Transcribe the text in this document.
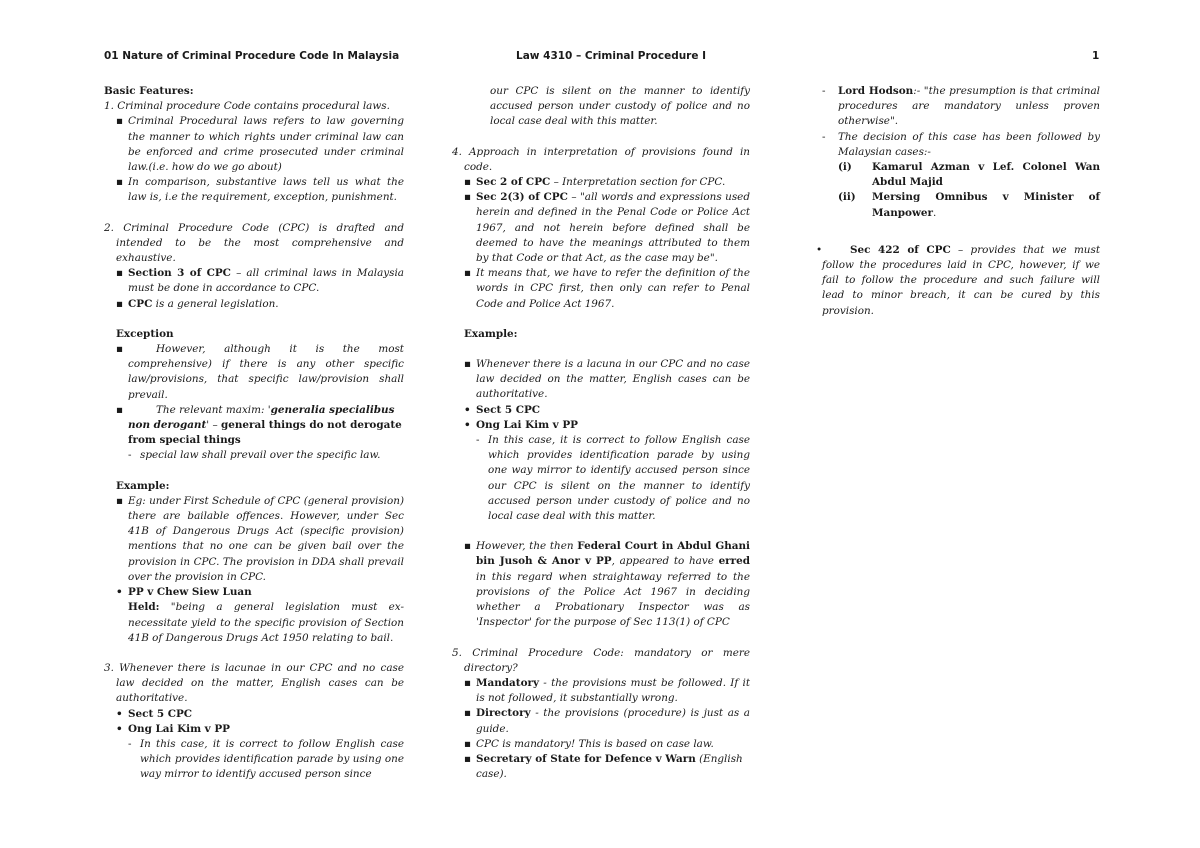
01 Nature of Criminal Procedure Code In Malaysia	Law 4310 – Criminal Procedure I	1
Basic Features:
1. Criminal procedure Code contains procedural laws.
▪ Criminal Procedural laws refers to law governing the manner to which rights under criminal law can be enforced and crime prosecuted under criminal law.(i.e. how do we go about)
▪ In comparison, substantive laws tell us what the law is, i.e the requirement, exception, punishment.
2. Criminal Procedure Code (CPC) is drafted and intended to be the most comprehensive and exhaustive.
▪ Section 3 of CPC – all criminal laws in Malaysia must be done in accordance to CPC.
▪ CPC is a general legislation.
Exception
▪	However, although it is the most comprehensive) if there is any other specific law/provisions, that specific law/provision shall prevail.
▪	The relevant maxim: 'generalia specialibus non derogant' – general things do not derogate from special things
- special law shall prevail over the specific law.
Example:
▪ Eg: under First Schedule of CPC (general provision) there are bailable offences. However, under Sec 41B of Dangerous Drugs Act (specific provision) mentions that no one can be given bail over the provision in CPC. The provision in DDA shall prevail over the provision in CPC.
• PP v Chew Siew Luan
Held: "being a general legislation must ex-necessitate yield to the specific provision of Section 41B of Dangerous Drugs Act 1950 relating to bail.
3. Whenever there is lacunae in our CPC and no case law decided on the matter, English cases can be authoritative.
• Sect 5 CPC
• Ong Lai Kim v PP
- In this case, it is correct to follow English case which provides identification parade by using one way mirror to identify accused person since
our CPC is silent on the manner to identify accused person under custody of police and no local case deal with this matter.
4. Approach in interpretation of provisions found in code.
▪ Sec 2 of CPC – Interpretation section for CPC.
▪ Sec 2(3) of CPC – "all words and expressions used herein and defined in the Penal Code or Police Act 1967, and not herein before defined shall be deemed to have the meanings attributed to them by that Code or that Act, as the case may be".
▪ It means that, we have to refer the definition of the words in CPC first, then only can refer to Penal Code and Police Act 1967.
Example:
▪ Whenever there is a lacuna in our CPC and no case law decided on the matter, English cases can be authoritative.
• Sect 5 CPC
• Ong Lai Kim v PP
- In this case, it is correct to follow English case which provides identification parade by using one way mirror to identify accused person since our CPC is silent on the manner to identify accused person under custody of police and no local case deal with this matter.
▪ However, the then Federal Court in Abdul Ghani bin Jusoh & Anor v PP, appeared to have erred in this regard when straightaway referred to the provisions of the Police Act 1967 in deciding whether a Probationary Inspector was as 'Inspector' for the purpose of Sec 113(1) of CPC
5. Criminal Procedure Code: mandatory or mere directory?
▪ Mandatory - the provisions must be followed. If it is not followed, it substantially wrong.
▪ Directory - the provisions (procedure) is just as a guide.
▪ CPC is mandatory! This is based on case law.
▪ Secretary of State for Defence v Warn (English case).
- Lord Hodson:- "the presumption is that criminal procedures are mandatory unless proven otherwise".
- The decision of this case has been followed by Malaysian cases:-
(i) Kamarul Azman v Lef. Colonel Wan Abdul Majid
(ii) Mersing Omnibus v Minister of Manpower.
•	Sec 422 of CPC – provides that we must follow the procedures laid in CPC, however, if we fail to follow the procedure and such failure will lead to minor breach, it can be cured by this provision.
